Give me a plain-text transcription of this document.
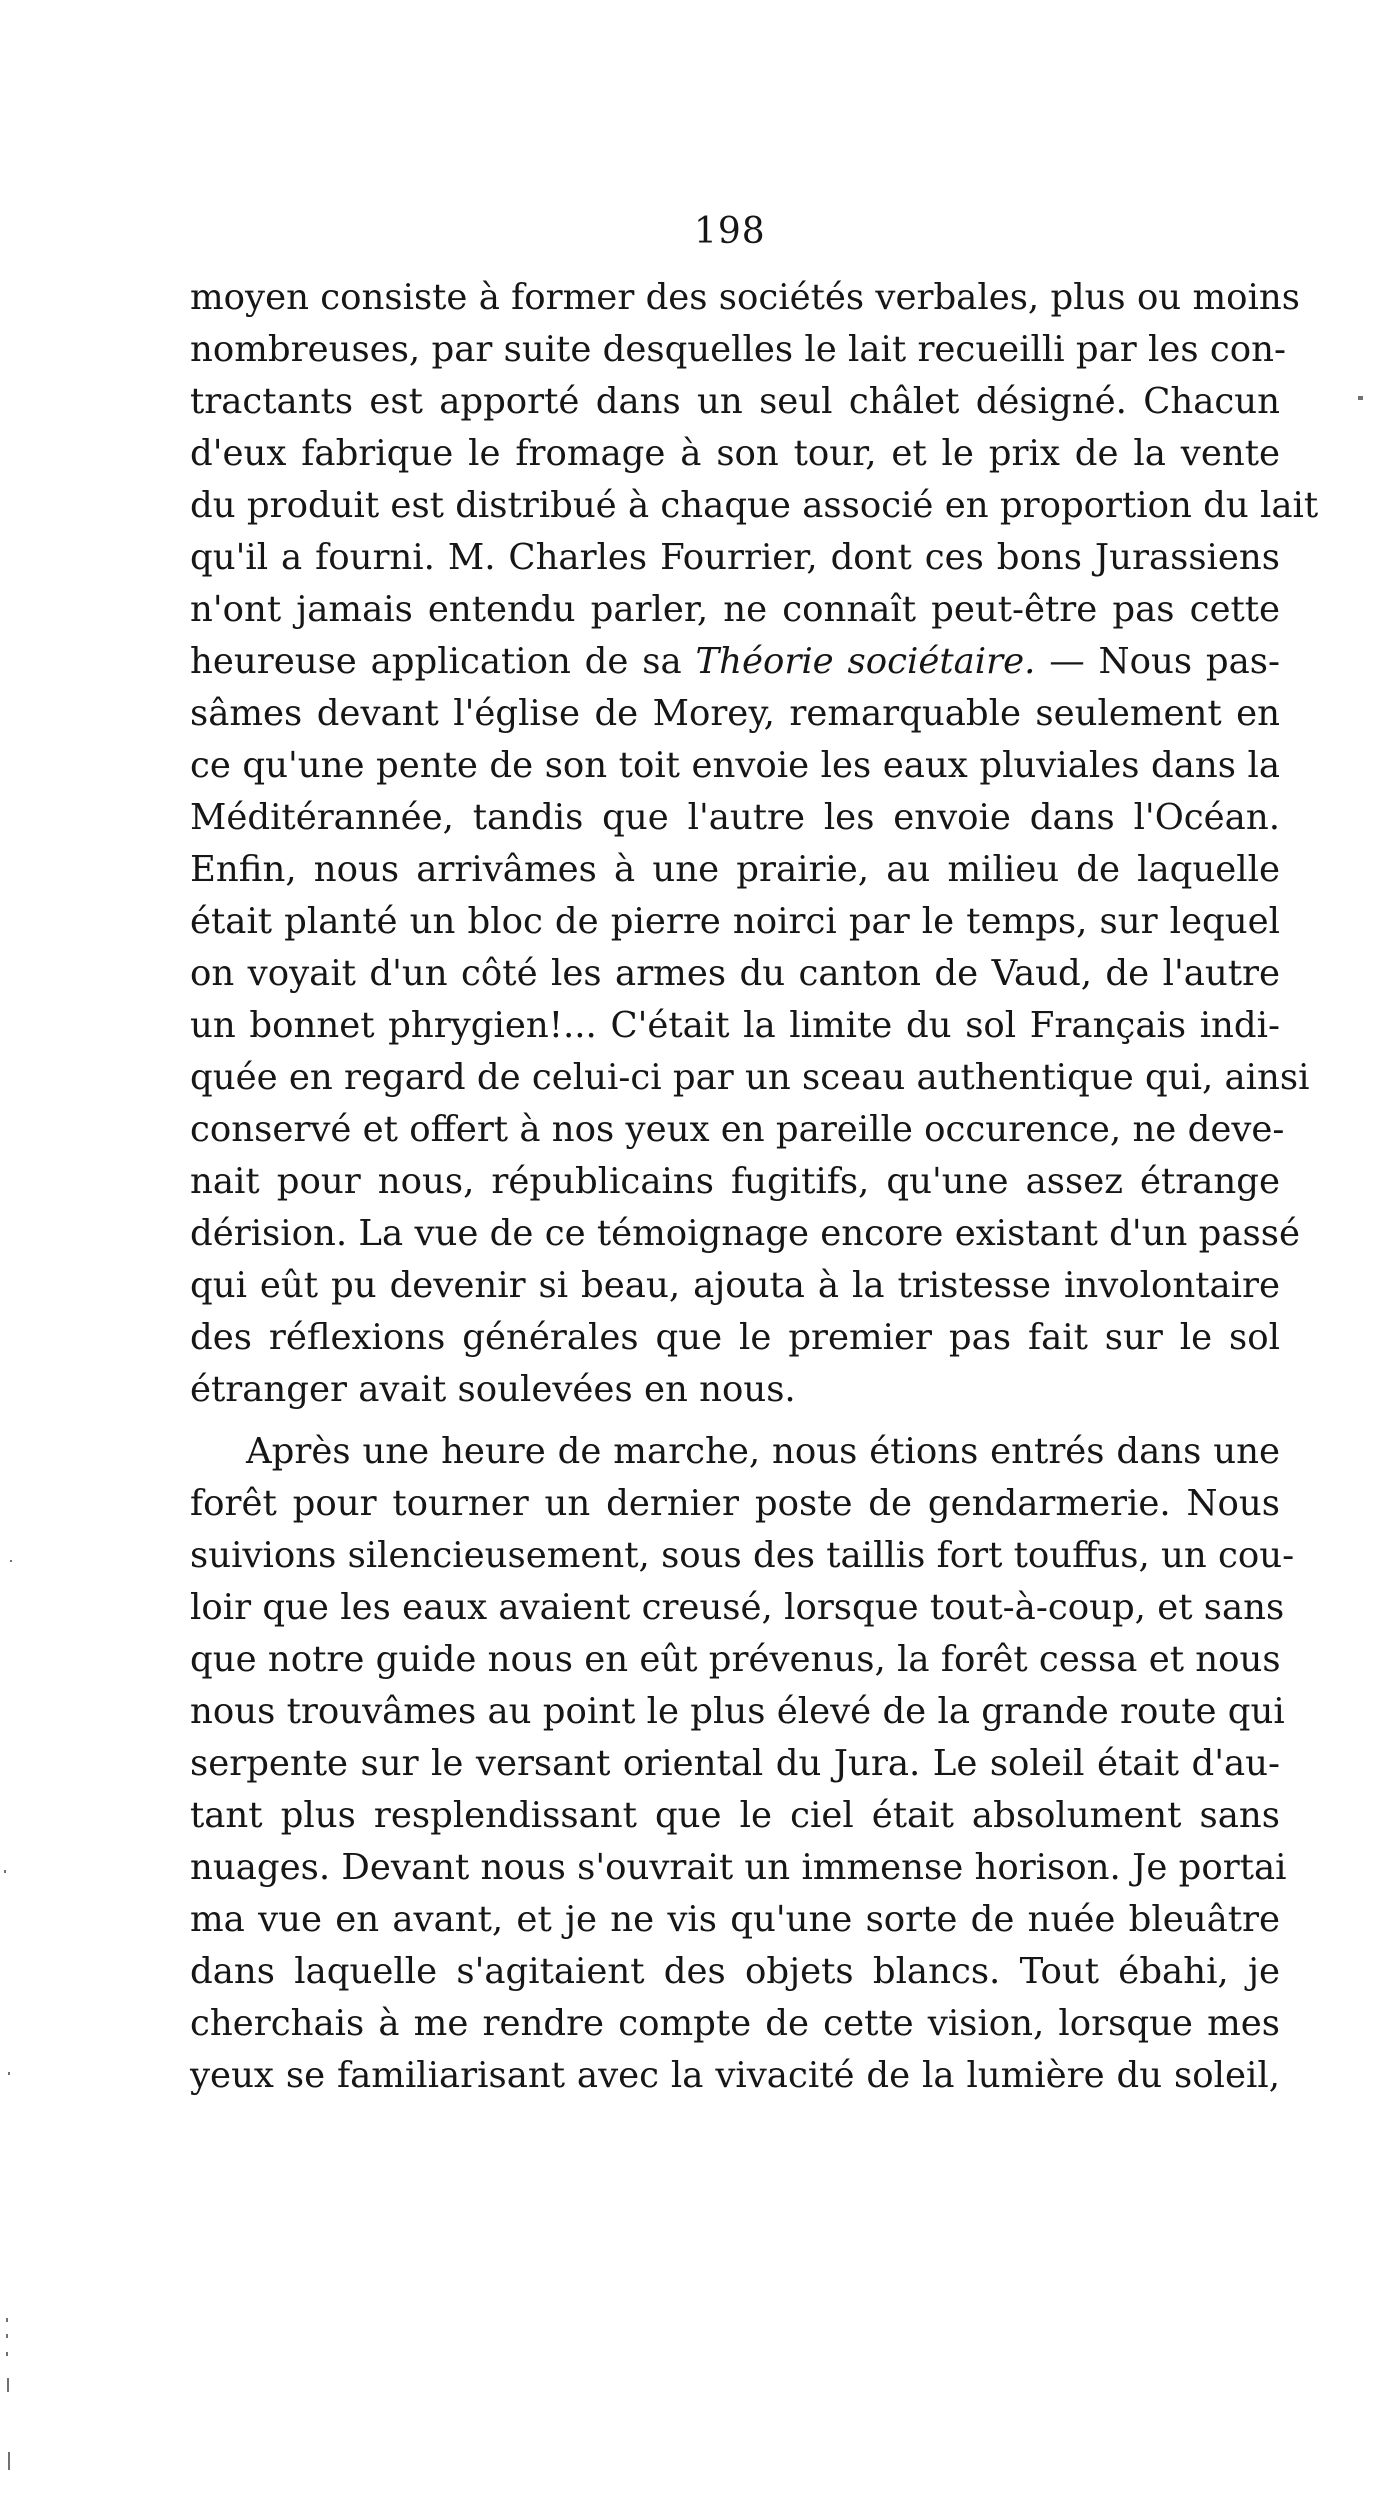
198
moyen consiste à former des sociétés verbales, plus ou moins
nombreuses, par suite desquelles le lait recueilli par les con-
tractants est apporté dans un seul châlet désigné. Chacun
d'eux fabrique le fromage à son tour, et le prix de la vente
du produit est distribué à chaque associé en proportion du lait
qu'il a fourni. M. Charles Fourrier, dont ces bons Jurassiens
n'ont jamais entendu parler, ne connaît peut-être pas cette
heureuse application de sa Théorie sociétaire. — Nous pas-
sâmes devant l'église de Morey, remarquable seulement en
ce qu'une pente de son toit envoie les eaux pluviales dans la
Méditérannée, tandis que l'autre les envoie dans l'Océan.
Enfin, nous arrivâmes à une prairie, au milieu de laquelle
était planté un bloc de pierre noirci par le temps, sur lequel
on voyait d'un côté les armes du canton de Vaud, de l'autre
un bonnet phrygien!... C'était la limite du sol Français indi-
quée en regard de celui-ci par un sceau authentique qui, ainsi
conservé et offert à nos yeux en pareille occurence, ne deve-
nait pour nous, républicains fugitifs, qu'une assez étrange
dérision. La vue de ce témoignage encore existant d'un passé
qui eût pu devenir si beau, ajouta à la tristesse involontaire
des réflexions générales que le premier pas fait sur le sol
étranger avait soulevées en nous.
Après une heure de marche, nous étions entrés dans une
forêt pour tourner un dernier poste de gendarmerie. Nous
suivions silencieusement, sous des taillis fort touffus, un cou-
loir que les eaux avaient creusé, lorsque tout-à-coup, et sans
que notre guide nous en eût prévenus, la forêt cessa et nous
nous trouvâmes au point le plus élevé de la grande route qui
serpente sur le versant oriental du Jura. Le soleil était d'au-
tant plus resplendissant que le ciel était absolument sans
nuages. Devant nous s'ouvrait un immense horison. Je portai
ma vue en avant, et je ne vis qu'une sorte de nuée bleuâtre
dans laquelle s'agitaient des objets blancs. Tout ébahi, je
cherchais à me rendre compte de cette vision, lorsque mes
yeux se familiarisant avec la vivacité de la lumière du soleil,
